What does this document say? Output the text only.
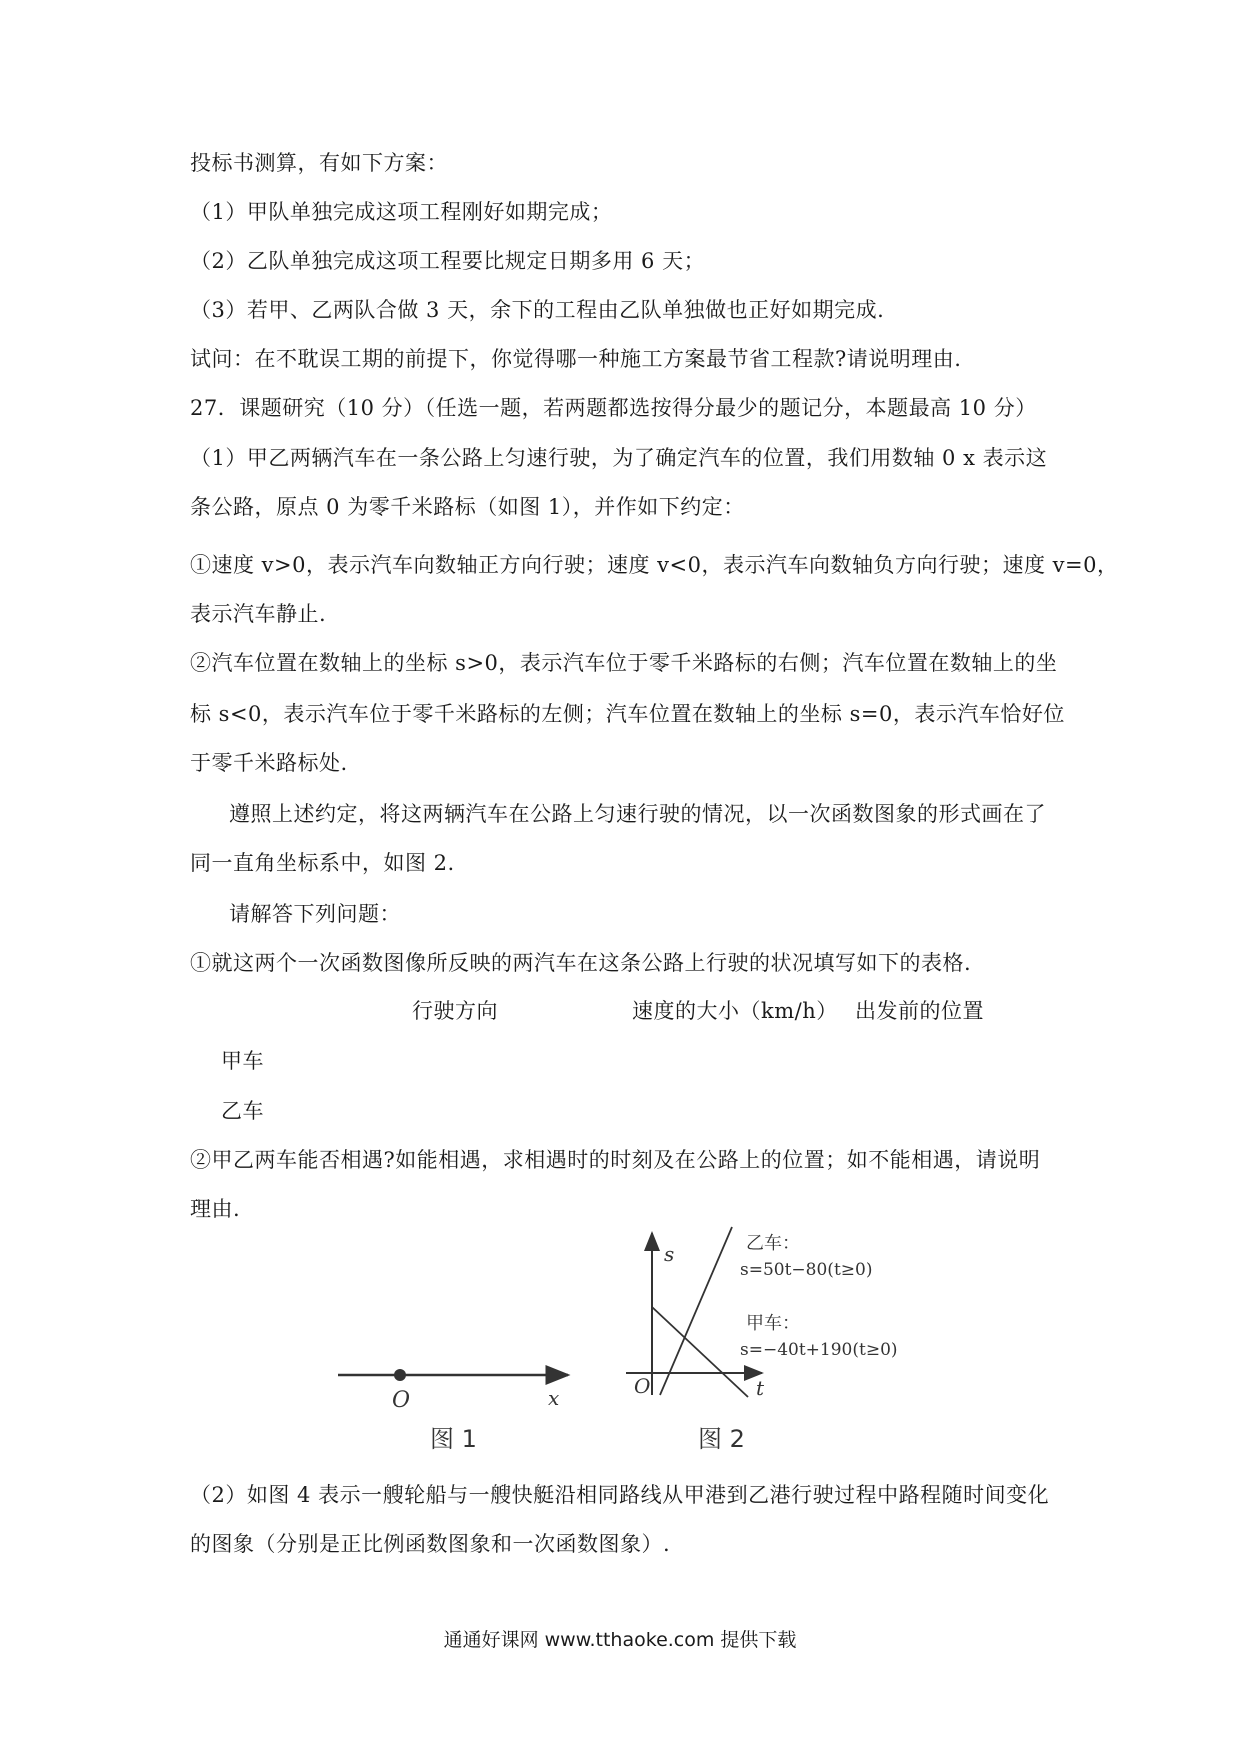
投标书测算，有如下方案：
（1）甲队单独完成这项工程刚好如期完成；
（2）乙队单独完成这项工程要比规定日期多用 6 天；
（3）若甲、乙两队合做 3 天，余下的工程由乙队单独做也正好如期完成.
试问：在不耽误工期的前提下，你觉得哪一种施工方案最节省工程款?请说明理由.
27．课题研究（10 分）（任选一题，若两题都选按得分最少的题记分，本题最高 10 分）
（1）甲乙两辆汽车在一条公路上匀速行驶，为了确定汽车的位置，我们用数轴 0 x 表示这
条公路，原点 0 为零千米路标（如图 1），并作如下约定：
①速度 v>0，表示汽车向数轴正方向行驶；速度 v<0，表示汽车向数轴负方向行驶；速度 v=0，
表示汽车静止.
②汽车位置在数轴上的坐标 s>0，表示汽车位于零千米路标的右侧；汽车位置在数轴上的坐
标 s<0，表示汽车位于零千米路标的左侧；汽车位置在数轴上的坐标 s=0，表示汽车恰好位
于零千米路标处.
遵照上述约定，将这两辆汽车在公路上匀速行驶的情况，以一次函数图象的形式画在了
同一直角坐标系中，如图 2.
请解答下列问题：
①就这两个一次函数图像所反映的两汽车在这条公路上行驶的状况填写如下的表格.
行驶方向	速度的大小（km/h） 出发前的位置
甲车
乙车
②甲乙两车能否相遇?如能相遇，求相遇时的时刻及在公路上的位置；如不能相遇，请说明
理由.
O	x
图 1
s
t
O
乙车：
s=50t−80(t≥0)
甲车：
s=−40t+190(t≥0)
图 2
（2）如图 4 表示一艘轮船与一艘快艇沿相同路线从甲港到乙港行驶过程中路程随时间变化
的图象（分别是正比例函数图象和一次函数图象）.
通通好课网 www.tthaoke.com 提供下载
